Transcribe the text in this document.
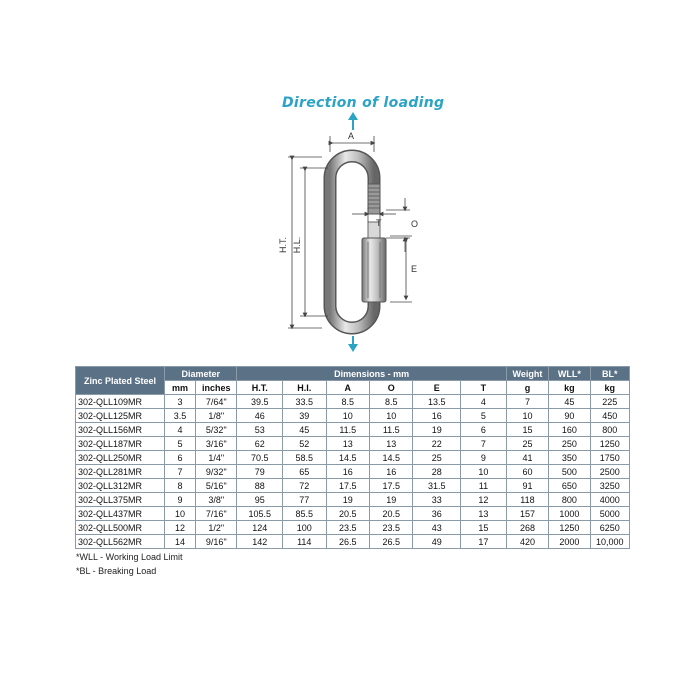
Direction of loading
A
T	O
E
H.T. H.L.
Zinc Plated Steel	Diameter		Dimensions - mm						Weight	WLL*	BL*
	mm	inches	H.T.	H.I.	A	O	E	T	g	kg	kg
302-QLL109MR	3	7/64"	39.5	33.5	8.5	8.5	13.5	4	7	45	225
302-QLL125MR	3.5	1/8"	46	39	10	10	16	5	10	90	450
302-QLL156MR	4	5/32"	53	45	11.5	11.5	19	6	15	160	800
302-QLL187MR	5	3/16"	62	52	13	13	22	7	25	250	1250
302-QLL250MR	6	1/4"	70.5	58.5	14.5	14.5	25	9	41	350	1750
302-QLL281MR	7	9/32"	79	65	16	16	28	10	60	500	2500
302-QLL312MR	8	5/16"	88	72	17.5	17.5	31.5	11	91	650	3250
302-QLL375MR	9	3/8"	95	77	19	19	33	12	118	800	4000
302-QLL437MR	10	7/16"	105.5	85.5	20.5	20.5	36	13	157	1000	5000
302-QLL500MR	12	1/2"	124	100	23.5	23.5	43	15	268	1250	6250
302-QLL562MR	14	9/16"	142	114	26.5	26.5	49	17	420	2000	10,000
*WLL - Working Load Limit
*BL - Breaking Load
